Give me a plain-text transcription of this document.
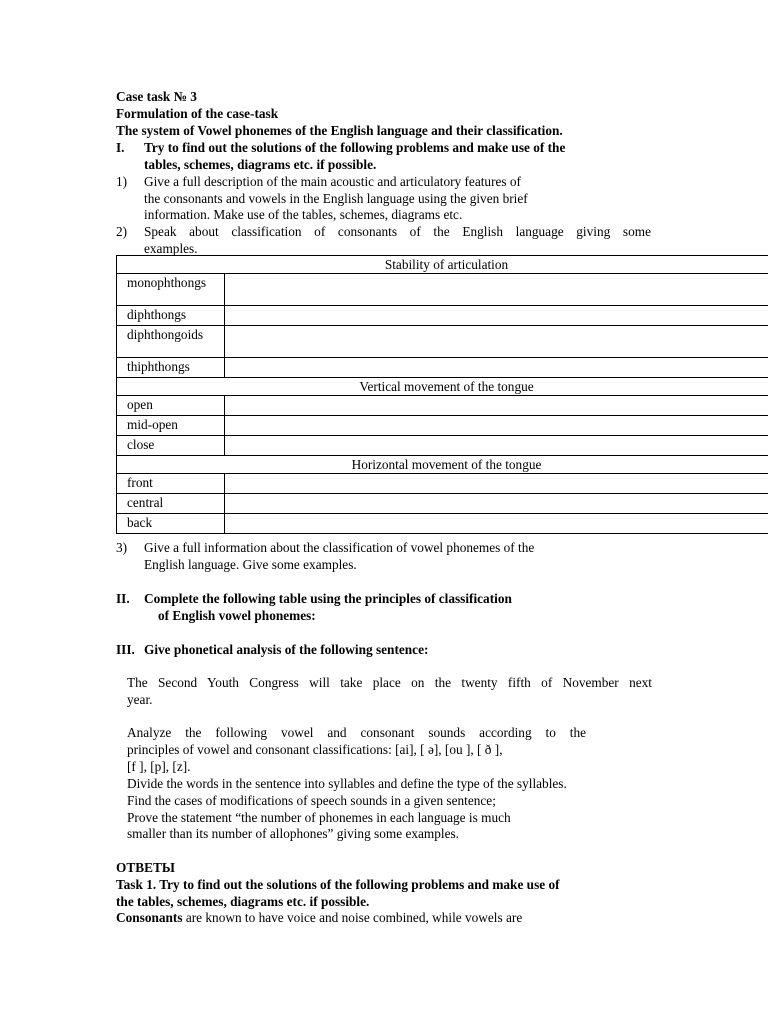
Case task № 3
Formulation of the case-task
The system of Vowel phonemes of the English language and their classification.
I. Try to find out the solutions of the following problems and make use of the
tables, schemes, diagrams etc. if possible.
1) Give a full description of the main acoustic and articulatory features of
the consonants and vowels in the English language using the given brief
information. Make use of the tables, schemes, diagrams etc.
2) Speak about classification of consonants of the English language giving some
examples.
Stability of articulation	
monophthongs	
diphthongs	
diphthongoids	
thiphthongs	
Vertical movement of the tongue	
open	
mid-open	
close	
Horizontal movement of the tongue	
front	
central	
back	
3) Give a full information about the classification of vowel phonemes of the
English language. Give some examples.
II. Complete the following table using the principles of classification
of English vowel phonemes:
III. Give phonetical analysis of the following sentence:
The Second Youth Congress will take place on the twenty fifth of November next
year.
Analyze the following vowel and consonant sounds according to the
principles of vowel and consonant classifications: [ai], [ ə], [ou ], [ ð ],
[f ], [p], [z].
Divide the words in the sentence into syllables and define the type of the syllables.
Find the cases of modifications of speech sounds in a given sentence;
Prove the statement “the number of phonemes in each language is much
smaller than its number of allophones” giving some examples.
ОТВЕТЫ
Task 1. Try to find out the solutions of the following problems and make use of
the tables, schemes, diagrams etc. if possible.
Consonants are known to have voice and noise combined, while vowels are
